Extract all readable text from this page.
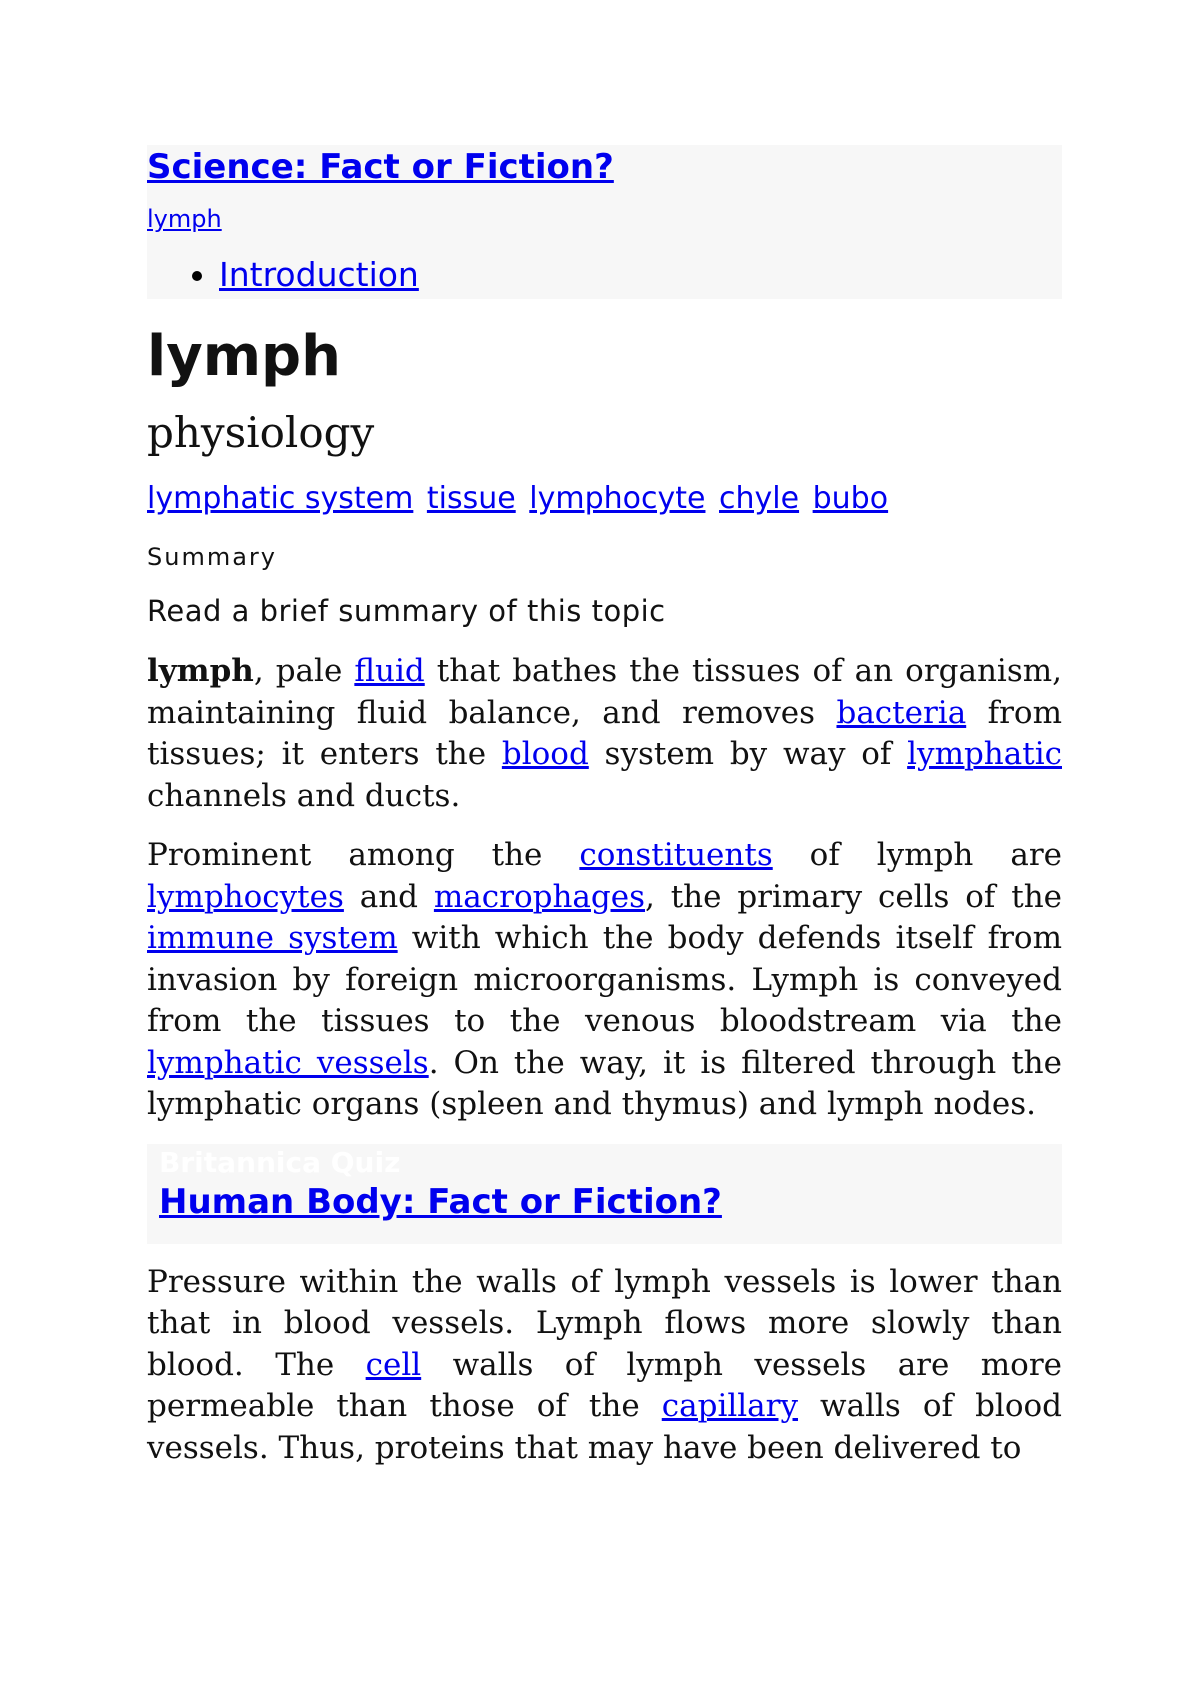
Science: Fact or Fiction?
lymph
• Introduction
lymph
physiology
lymphatic system tissue lymphocyte chyle bubo
Summary
Read a brief summary of this topic

lymph, pale fluid that bathes the tissues of an organism, maintaining fluid balance, and removes bacteria from tissues; it enters the blood system by way of lymphatic channels and ducts.

Prominent among the constituents of lymph are lymphocytes and macrophages, the primary cells of the immune system with which the body defends itself from invasion by foreign microorganisms. Lymph is conveyed from the tissues to the venous bloodstream via the lymphatic vessels. On the way, it is filtered through the lymphatic organs (spleen and thymus) and lymph nodes.

Britannica Quiz
Human Body: Fact or Fiction?

Pressure within the walls of lymph vessels is lower than that in blood vessels. Lymph flows more slowly than blood. The cell walls of lymph vessels are more permeable than those of the capillary walls of blood vessels. Thus, proteins that may have been delivered to
